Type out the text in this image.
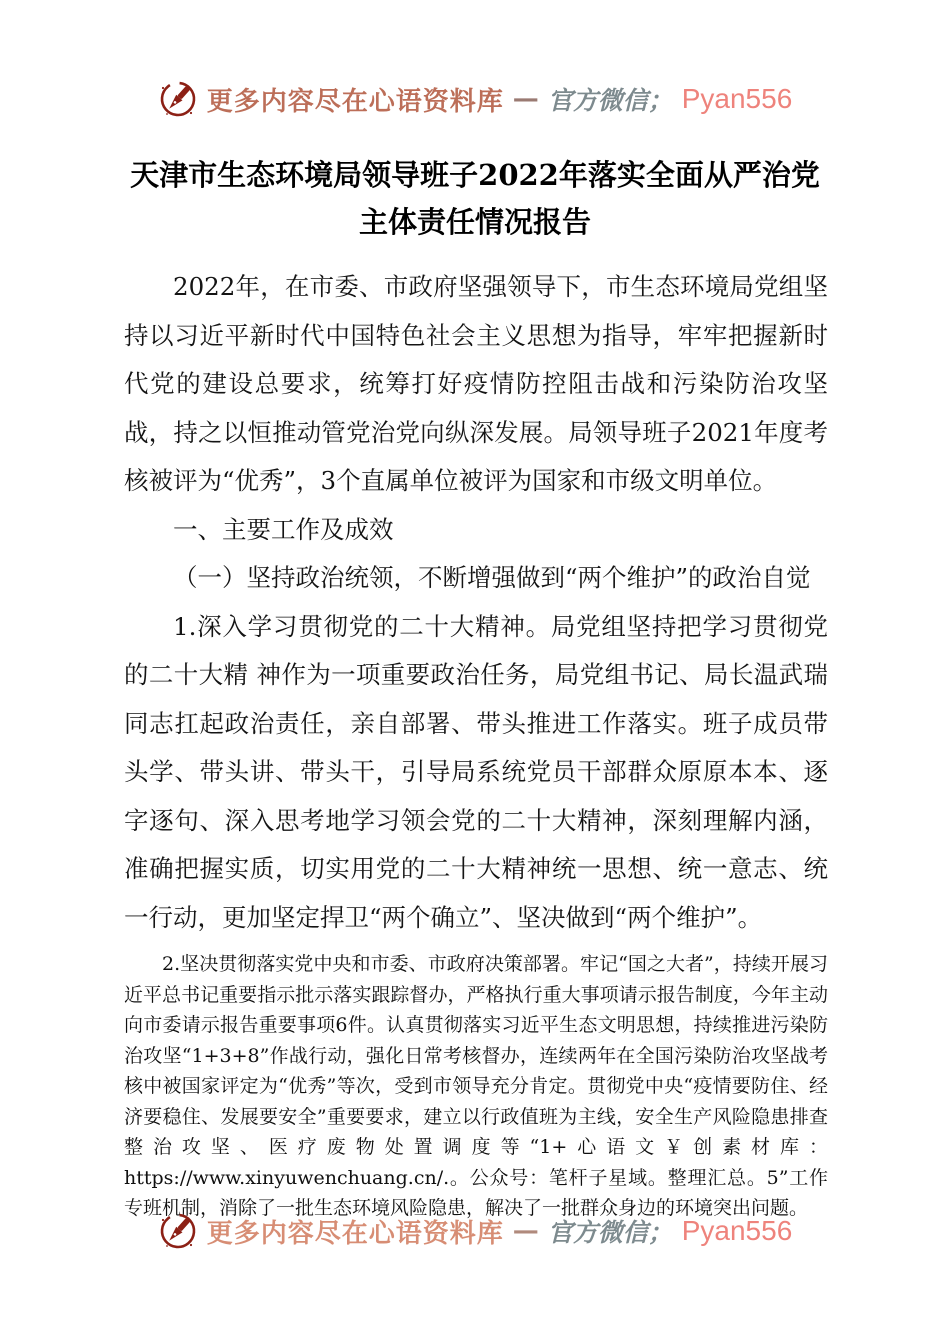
更多内容尽在心语资料库 — 官方微信； Pyan556
天津市生态环境局领导班子2022年落实全面从严治党
主体责任情况报告

2022年，在市委、市政府坚强领导下，市生态环境局党组坚持以习近平新时代中国特色社会主义思想为指导，牢牢把握新时代党的建设总要求，统筹打好疫情防控阻击战和污染防治攻坚战，持之以恒推动管党治党向纵深发展。局领导班子2021年度考核被评为“优秀”，3个直属单位被评为国家和市级文明单位。

一、主要工作及成效

（一）坚持政治统领，不断增强做到“两个维护”的政治自觉

1.深入学习贯彻党的二十大精神。局党组坚持把学习贯彻党的二十大精 神作为一项重要政治任务，局党组书记、局长温武瑞同志扛起政治责任，亲自部署、带头推进工作落实。班子成员带头学、带头讲、带头干，引导局系统党员干部群众原原本本、逐字逐句、深入思考地学习领会党的二十大精神，深刻理解内涵，准确把握实质，切实用党的二十大精神统一思想、统一意志、统一行动，更加坚定捍卫“两个确立”、坚决做到“两个维护”。

2.坚决贯彻落实党中央和市委、市政府决策部署。牢记“国之大者”，持续开展习近平总书记重要指示批示落实跟踪督办，严格执行重大事项请示报告制度，今年主动向市委请示报告重要事项6件。认真贯彻落实习近平生态文明思想，持续推进污染防治攻坚“1+3+8”作战行动，强化日常考核督办，连续两年在全国污染防治攻坚战考核中被国家评定为“优秀”等次，受到市领导充分肯定。贯彻党中央“疫情要防住、经济要稳住、发展要安全”重要要求，建立以行政值班为主线，安全生产风险隐患排查整治攻坚、医疗废物处置调度等“1+心语文￥创素材库：https://www.xinyuwenchuang.cn/.。公众号：笔杆子星域。整理汇总。5”工作专班机制，消除了一批生态环境风险隐患，解决了一批群众身边的环境突出问题。

更多内容尽在心语资料库 — 官方微信； Pyan556
